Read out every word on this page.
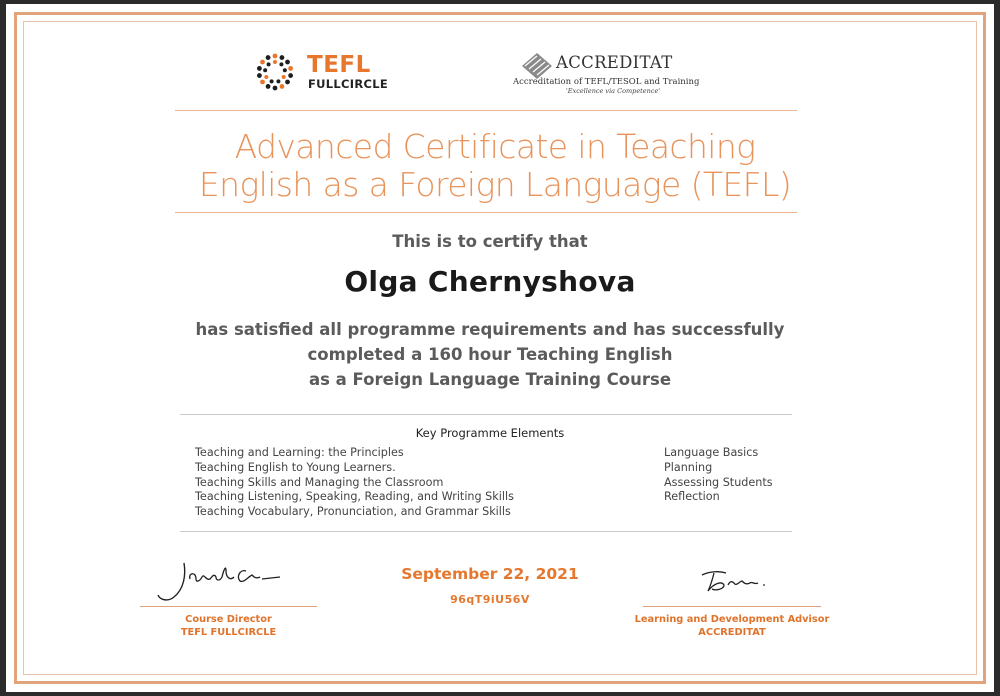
TEFL
FULLCIRCLE
ACCREDITAT
Accreditation of TEFL/TESOL and Training
'Excellence via Competence'
Advanced Certificate in Teaching
English as a Foreign Language (TEFL)
This is to certify that
Olga Chernyshova
has satisfied all programme requirements and has successfully
completed a 160 hour Teaching English
as a Foreign Language Training Course
Key Programme Elements
Teaching and Learning: the Principles
Teaching English to Young Learners.
Teaching Skills and Managing the Classroom
Teaching Listening, Speaking, Reading, and Writing Skills
Teaching Vocabulary, Pronunciation, and Grammar Skills
Language Basics
Planning
Assessing Students
Reflection
Course Director
TEFL FULLCIRCLE
September 22, 2021
96qT9iU56V
Learning and Development Advisor
ACCREDITAT
